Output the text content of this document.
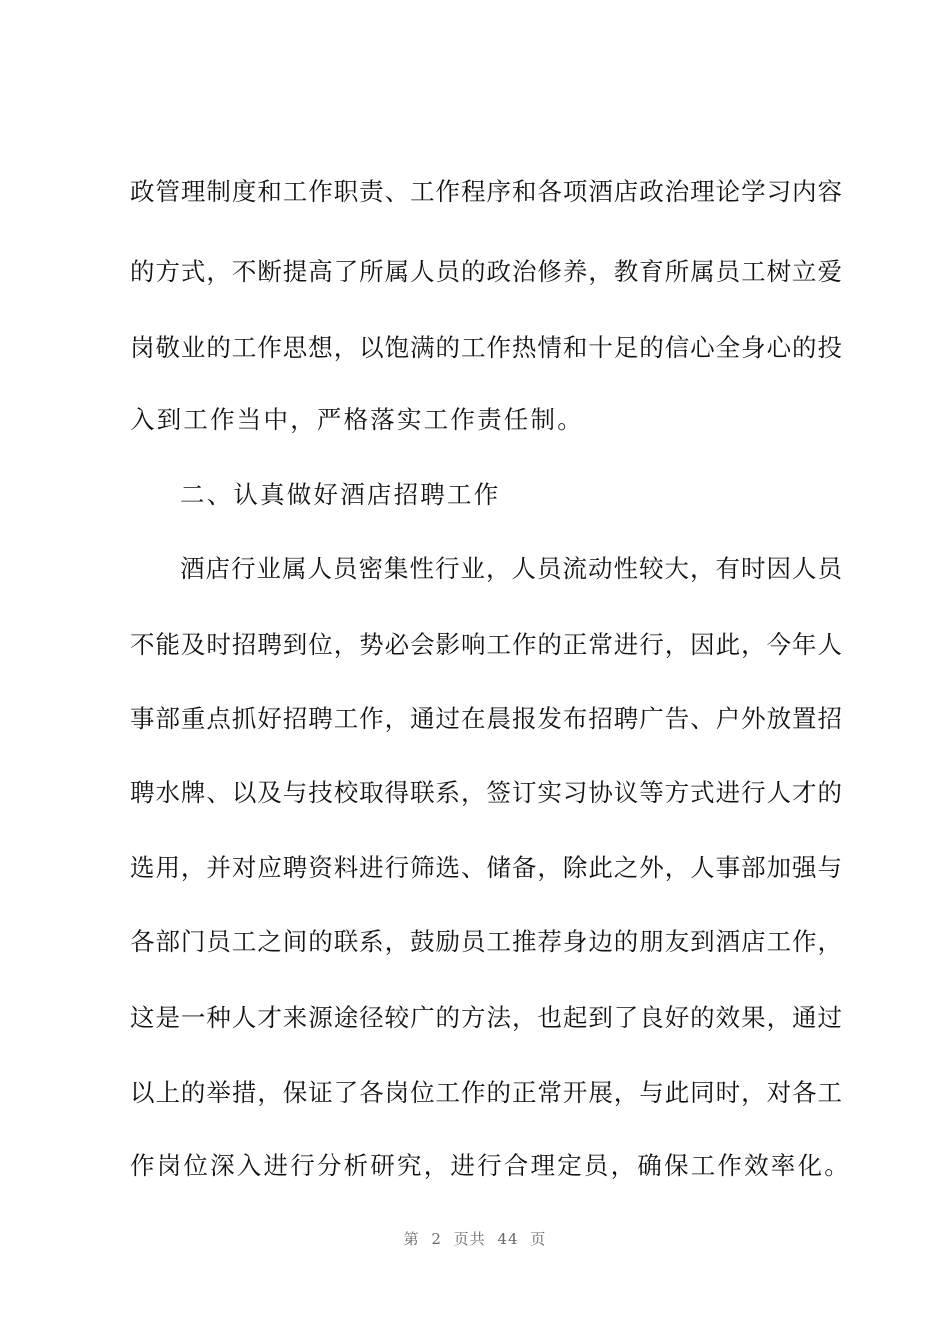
政管理制度和工作职责、工作程序和各项酒店政治理论学习内容
的方式，不断提高了所属人员的政治修养，教育所属员工树立爱
岗敬业的工作思想，以饱满的工作热情和十足的信心全身心的投
入到工作当中，严格落实工作责任制。
二、认真做好酒店招聘工作
酒店行业属人员密集性行业，人员流动性较大，有时因人员
不能及时招聘到位，势必会影响工作的正常进行，因此，今年人
事部重点抓好招聘工作，通过在晨报发布招聘广告、户外放置招
聘水牌、以及与技校取得联系，签订实习协议等方式进行人才的
选用，并对应聘资料进行筛选、储备，除此之外，人事部加强与
各部门员工之间的联系，鼓励员工推荐身边的朋友到酒店工作，
这是一种人才来源途径较广的方法，也起到了良好的效果，通过
以上的举措，保证了各岗位工作的正常开展，与此同时，对各工
作岗位深入进行分析研究，进行合理定员，确保工作效率化。
第 2 页共 44 页
